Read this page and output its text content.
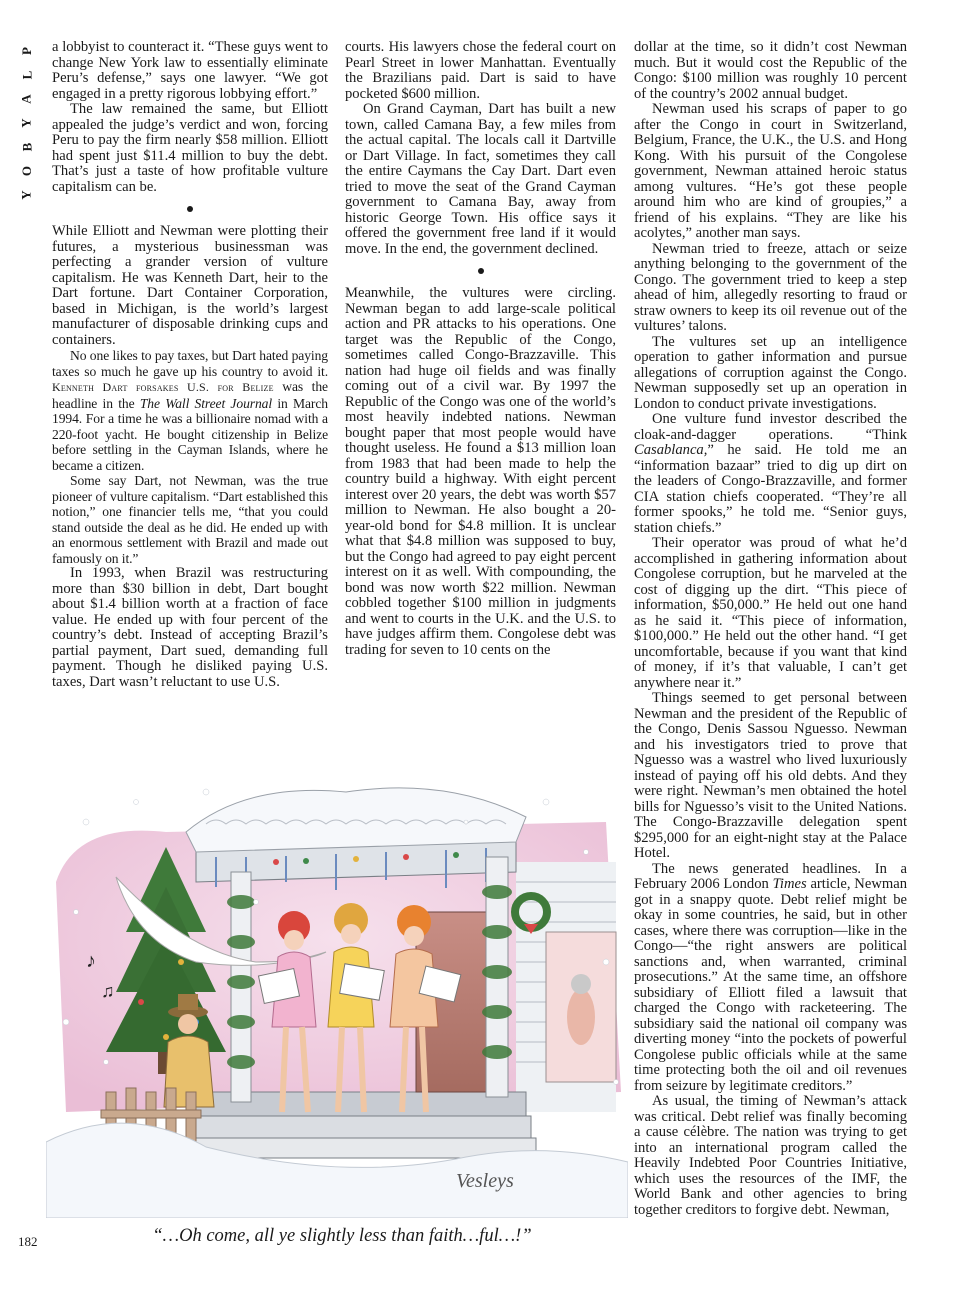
P
L
A
Y
B
O
Y

a lobbyist to counteract it. “These guys went to change New York law to essentially eliminate Peru’s defense,” says one lawyer. “We got engaged in a pretty rigorous lobbying effort.”

The law remained the same, but Elliott appealed the judge’s verdict and won, forcing Peru to pay the firm nearly $58 million. Elliott had spent just $11.4 million to buy the debt. That’s just a taste of how profitable vulture capitalism can be.

While Elliott and Newman were plotting their futures, a mysterious businessman was perfecting a grander version of vulture capitalism. He was Kenneth Dart, heir to the Dart fortune. Dart Container Corporation, based in Michigan, is the world’s largest manufacturer of disposable drinking cups and containers.

No one likes to pay taxes, but Dart hated paying taxes so much he gave up his country to avoid it. Kenneth Dart forsakes U.S. for Belize was the headline in the The Wall Street Journal in March 1994. For a time he was a billionaire nomad with a 220-foot yacht. He bought citizenship in Belize before settling in the Cayman Islands, where he became a citizen.

Some say Dart, not Newman, was the true pioneer of vulture capitalism. “Dart established this notion,” one financier tells me, “that you could stand outside the deal as he did. He ended up with an enormous settlement with Brazil and made out famously on it.”

In 1993, when Brazil was restructuring more than $30 billion in debt, Dart bought about $1.4 billion worth at a fraction of face value. He ended up with four percent of the country’s debt. Instead of accepting Brazil’s partial payment, Dart sued, demanding full payment. Though he disliked paying U.S. taxes, Dart wasn’t reluctant to use U.S.

courts. His lawyers chose the federal court on Pearl Street in lower Manhattan. Eventually the Brazilians paid. Dart is said to have pocketed $600 million.

On Grand Cayman, Dart has built a new town, called Camana Bay, a few miles from the actual capital. The locals call it Dartville or Dart Village. In fact, sometimes they call the entire Caymans the Cay Dart. Dart even tried to move the seat of the Grand Cayman government to Camana Bay, away from historic George Town. His office says it offered the government free land if it would move. In the end, the government declined.

Meanwhile, the vultures were circling. Newman began to add large-scale political action and PR attacks to his operations. One target was the Republic of the Congo, sometimes called Congo-Brazzaville. This nation had huge oil fields and was finally coming out of a civil war. By 1997 the Republic of the Congo was one of the world’s most heavily indebted nations. Newman bought paper that most people would have thought useless. He found a $13 million loan from 1983 that had been made to help the country build a highway. With eight percent interest over 20 years, the debt was worth $57 million to Newman. He also bought a 20-year-old bond for $4.8 million. It is unclear what that $4.8 million was supposed to buy, but the Congo had agreed to pay eight percent interest on it as well. With compounding, the bond was now worth $22 million. Newman cobbled together $100 million in judgments and went to courts in the U.K. and the U.S. to have judges affirm them. Congolese debt was trading for seven to 10 cents on the

dollar at the time, so it didn’t cost Newman much. But it would cost the Republic of the Congo: $100 million was roughly 10 percent of the country’s 2002 annual budget.

Newman used his scraps of paper to go after the Congo in court in Switzerland, Belgium, France, the U.K., the U.S. and Hong Kong. With his pursuit of the Congolese government, Newman attained heroic status among vultures. “He’s got these people around him who are kind of groupies,” a friend of his explains. “They are like his acolytes,” another man says.

Newman tried to freeze, attach or seize anything belonging to the government of the Congo. The government tried to keep a step ahead of him, allegedly resorting to fraud or straw owners to keep its oil revenue out of the vultures’ talons.

The vultures set up an intelligence operation to gather information and pursue allegations of corruption against the Congo. Newman supposedly set up an operation in London to conduct private investigations.

One vulture fund investor described the cloak-and-dagger operations. “Think Casablanca,” he said. He told me an “information bazaar” tried to dig up dirt on the leaders of Congo-Brazzaville, and former CIA station chiefs cooperated. “They’re all former spooks,” he told me. “Senior guys, station chiefs.”

Their operator was proud of what he’d accomplished in gathering information about Congolese corruption, but he marveled at the cost of digging up the dirt. “This piece of information, $50,000.” He held out one hand as he said it. “This piece of information, $100,000.” He held out the other hand. “I get uncomfortable, because if you want that kind of money, if it’s that valuable, I can’t get anywhere near it.”

Things seemed to get personal between Newman and the president of the Republic of the Congo, Denis Sassou Nguesso. Newman and his investigators tried to prove that Nguesso was a wastrel who lived luxuriously instead of paying off his old debts. And they were right. Newman’s men obtained the hotel bills for Nguesso’s visit to the United Nations. The Congo-Brazzaville delegation spent $295,000 for an eight-night stay at the Palace Hotel.

The news generated headlines. In a February 2006 London Times article, Newman got in a snappy quote. Debt relief might be okay in some countries, he said, but in other cases, where there was corruption—like in the Congo—“the right answers are political sanctions and, when warranted, criminal prosecutions.” At the same time, an offshore subsidiary of Elliott filed a lawsuit that charged the Congo with racketeering. The subsidiary said the national oil company was diverting money “into the pockets of powerful Congolese public officials while at the same time protecting both the oil and oil revenues from seizure by legitimate creditors.”

As usual, the timing of Newman’s attack was critical. Debt relief was finally becoming a cause célèbre. The nation was trying to get into an international program called the Heavily Indebted Poor Countries Initiative, which uses the resources of the IMF, the World Bank and other agencies to bring together creditors to forgive debt. Newman,

♪
♫
Vesleys
“…Oh come, all ye slightly less than faith…ful…!”
182
